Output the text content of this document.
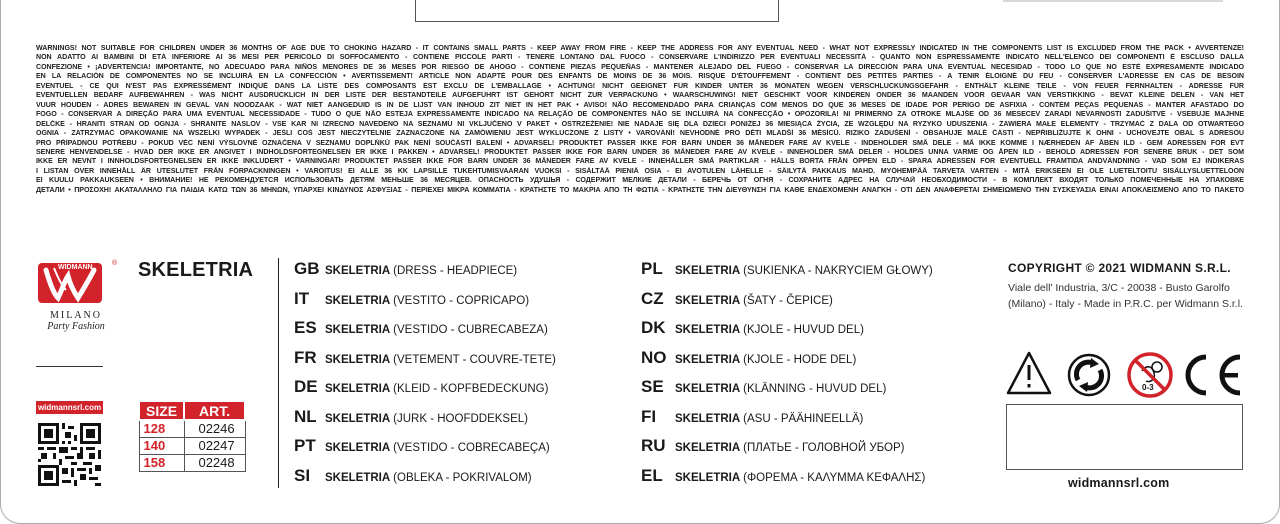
WARNINGS! NOT SUITABLE FOR CHILDREN UNDER 36 MONTHS OF AGE DUE TO CHOKING HAZARD - IT CONTAINS SMALL PARTS - KEEP AWAY FROM FIRE - KEEP THE ADDRESS FOR ANY EVENTUAL NEED - WHAT NOT EXPRESSLY INDICATED IN THE COMPONENTS LIST IS EXCLUDED FROM THE PACK • AVVERTENZE!
NON ADATTO AI BAMBINI DI ETÀ INFERIORE AI 36 MESI PER PERICOLO DI SOFFOCAMENTO - CONTIENE PICCOLE PARTI - TENERE LONTANO DAL FUOCO - CONSERVARE L'INDIRIZZO PER EVENTUALI NECESSITÀ - QUANTO NON ESPRESSAMENTE INDICATO NELL'ELENCO DEI COMPONENTI È ESCLUSO DALLA
CONFEZIONE • ¡ADVERTENCIA! IMPORTANTE, NO ADECUADO PARA NIÑOS MENORES DE 36 MESES POR RIESGO DE AHOGO - CONTIENE PIEZAS PEQUEÑAS - MANTENER ALEJADO DEL FUEGO - CONSERVAR LA DIRECCIÓN PARA UNA EVENTUAL NECESIDAD - TODO LO QUE NO ESTÉ EXPRESAMENTE INDICADO
EN LA RELACIÓN DE COMPONENTES NO SE INCLUIRÁ EN LA CONFECCIÓN • AVERTISSEMENT! ARTICLE NON ADAPTÉ POUR DES ENFANTS DE MOINS DE 36 MOIS. RISQUE D'ÉTOUFFEMENT - CONTIENT DES PETITES PARTIES - A TENIR ÉLOIGNÉ DU FEU - CONSERVER L'ADRESSE EN CAS DE BESOIN
EVENTUEL - CE QUI N'EST PAS EXPRESSÉMENT INDIQUÉ DANS LA LISTE DES COMPOSANTS EST EXCLU DE L'EMBALLAGE • ACHTUNG! NICHT GEEIGNET FÜR KINDER UNTER 36 MONATEN WEGEN VERSCHLUCKUNGSGEFAHR - ENTHÄLT KLEINE TEILE - VON FEUER FERNHALTEN - ADRESSE FÜR
EVENTUELLEN BEDARF AUFBEWAHREN - WAS NICHT AUSDRÜCKLICH IN DER LISTE DER BESTANDTEILE AUFGEFÜHRT IST GEHÖRT NICHT ZUR VERPACKUNG • WAARSCHUWING! NIET GESCHIKT VOOR KINDEREN ONDER 36 MAANDEN VOOR GEVAAR VAN VERSTIKKING - BEVAT KLEINE DELEN - VAN HET
VUUR HOUDEN - ADRES BEWAREN IN GEVAL VAN NOODZAAK - WAT NIET AANGEDUID IS IN DE LIJST VAN INHOUD ZIT NIET IN HET PAK • AVISO! NÃO RECOMENDADO PARA CRIANÇAS COM MENOS DO QUE 36 MESES DE IDADE POR PERIGO DE ASFIXIA - CONTÉM PEÇAS PEQUENAS - MANTER AFASTADO DO
FOGO - CONSERVAR A DIREÇÃO PARA UMA EVENTUAL NECESSIDADE - TUDO O QUE NÃO ESTEJA EXPRESSAMENTE INDICADO NA RELAÇÃO DE COMPONENTES NÃO SE INCLUIRÁ NA CONFECÇÃO • OPOZORILA! NI PRIMERNO ZA OTROKE MLAJŠE OD 36 MESECEV ZARADI NEVARNOSTI ZADUŠITVE - VSEBUJE MAJHNE
DELČKE - HRANITI STRAN OD OGNJA - SHRANITE NASLOV - VSE KAR NI IZRECNO NAVEDENO NA SEZNAMU NI VKLJUČENO V PAKET • OSTRZEŻENIE! NIE NADAJE SIĘ DLA DZIECI PONIŻEJ 36 MIESIĄCA ŻYCIA, ZE WZGLĘDU NA RYZYKO UDUSZENIA - ZAWIERA MAŁE ELEMENTY - TRZYMAĆ Z DALA OD OTWARTEGO
OGNIA - ZATRZYMAĆ OPAKOWANIE NA WSZELKI WYPADEK - JEŚLI COŚ JEST NIECZYTELNIE ZAZNACZONE NA ZAMÓWIENIU JEST WYKLUCZONE Z LISTY • VAROVÁNÍ! NEVHODNÉ PRO DĚTI MLADŠÍ 36 MĚSÍCŮ. RIZIKO ZADUŠENÍ - OBSAHUJE MALÉ ČÁSTI - NEPŘIBLIŽUJTE K OHNI - UCHOVEJTE OBAL S ADRESOU
PRO PŘÍPADNOU POTŘEBU - POKUD VĚC NENÍ VÝSLOVNĚ OZNAČENA V SEZNAMU DOPLŇKŮ PAK NENÍ SOUČÁSTÍ BALENÍ • ADVARSEL! PRODUKTET PASSER IKKE FOR BARN UNDER 36 MÅNEDER FARE AV KVELE - INDEHOLDER SMÅ DELE - MÅ IKKE KOMME I NÆRHEDEN AF ÅBEN ILD - GEM ADRESSEN FOR EVT
SENERE HENVENDELSE - HVAD DER IKKE ER ANGIVET I INDHOLDSFORTEGNELSEN ER IKKE I PAKKEN • ADVARSEL! PRODUKTET PASSER IKKE FOR BARN UNDER 36 MÅNEDER FARE AV KVELE - INNEHOLDER SMÅ DELER - HOLDES UNNA VARME OG ÅPEN ILD - BEHOLD ADRESSEN FOR SENERE BRUK - DET SOM
IKKE ER NEVNT I INNHOLDSFORTEGNELSEN ER IKKE INKLUDERT • VARNINGAR! PRODUKTET PASSER IKKE FOR BARN UNDER 36 MÅNEDER FARE AV KVELE - INNEHÅLLER SMÅ PARTIKLAR - HÅLLS BORTA FRÅN ÖPPEN ELD - SPARA ADRESSEN FÖR EVENTUELL FRAMTIDA ANDVÄNDNING - VAD SOM EJ INDIKERAS
I LISTAN ÖVER INNEHÅLL ÄR UTESLUTET FRÅN FÖRPACKNINGEN • VAROITUS! EI ALLE 36 KK LAPSILLE TUKEHTUMISVAARAN VUOKSI - SISÄLTÄÄ PIENIÄ OSIA - EI AVOTULEN LÄHELLE - SÄILYTÄ PAKKAUS MAHD. MYÖHEMPÄÄ TARVETA VARTEN - MITÄ ERIKSEEN EI OLE LUETELTOITU SISÄLLYSLUETTELOON
EI KUULU PAKKAUKSEEN • ВНИМАНИЕ! НЕ РЕКОМЕНДУЕТСЯ ИСПОЛЬЗОВАТЬ ДЕТЯМ МЕНЬШЕ 36 МЕСЯЦЕВ. ОПАСНОСТЬ УДУШЬЯ - СОДЕРЖИТ МЕЛКИЕ ДЕТАЛИ - БЕРЕЧЬ ОТ ОГНЯ - СОХРАНИТЕ АДРЕС НА СЛУЧАЙ НЕОБХОДИМОСТИ - В КОМПЛЕКТ ВХОДЯТ ТОЛЬКО ПОМЕЧЕННЫЕ НА УПАКОВКЕ
ДЕТАЛИ • ΠΡΟΣΟΧΗ! ΑΚΑΤΑΛΛΗΛΟ ΓΙΑ ΠΑΙΔΙΑ ΚΑΤΩ ΤΩΝ 36 ΜΗΝΩΝ, ΥΠΑΡΧΕΙ ΚΙΝΔΥΝΟΣ ΑΣΦΥΞΙΑΣ - ΠΕΡΙΕΧΕΙ ΜΙΚΡΑ ΚΟΜΜΑΤΙΑ - ΚΡΑΤΗΣΤΕ ΤΟ ΜΑΚΡΙΑ ΑΠΟ ΤΗ ΦΩΤΙΑ - ΚΡΑΤΗΣΤΕ ΤΗΝ ΔΙΕΥΘΥΝΣΗ ΓΙΑ ΚΑΘΕ ΕΝΔΕΧΟΜΕΝΗ ΑΝΑΓΚΗ - ΟΤΙ ΔΕΝ ΑΝΑΦΕΡΕΤΑΙ ΣΗΜΕΙΩΜΕΝΟ ΤΗΝ ΣΥΣΚΕΥΑΣΙΑ ΕΙΝΑΙ ΑΠΟΚΛΕΙΣΜΕΝΟ ΑΠΟ ΤΟ ΠΑΚΕΤΟ
WIDMANN
®
MILANO
Party Fashion
SKELETRIA
widmannsrl.com	SIZE	ART.
128	02246
140	02247
158	02248
GB SKELETRIA (DRESS - HEADPIECE)
IT	SKELETRIA (VESTITO - COPRICAPO)
ES SKELETRIA (VESTIDO - CUBRECABEZA)
FR SKELETRIA (VETEMENT - COUVRE-TETE)
DE SKELETRIA (KLEID - KOPFBEDECKUNG)
NL SKELETRIA (JURK - HOOFDDEKSEL)
PT SKELETRIA (VESTIDO - COBRECABEÇA)
SI	SKELETRIA (OBLEKA - POKRIVALOM)
PL	SKELETRIA (SUKIENKA - NAKRYCIEM GŁOWY)
CZ SKELETRIA (ŠATY - ČEPICE)
DK SKELETRIA (KJOLE - HUVUD DEL)
NO SKELETRIA (KJOLE - HODE DEL)
SE SKELETRIA (KLÄNNING - HUVUD DEL)
FI	SKELETRIA (ASU - PÄÄHINEELLÄ)
RU SKELETRIA (ПЛАТЬЕ - ГОЛОВНОЙ УБОР)
EL	SKELETRIA (ΦΟΡΕΜΑ - ΚΑΛΥΜΜΑ ΚΕΦΑΛΗΣ)
COPYRIGHT © 2021 WIDMANN S.R.L.
Viale dell' Industria, 3/C - 20038 - Busto Garolfo (Milano) - Italy - Made in P.R.C. per Widmann S.r.l.
0-3
widmannsrl.com
